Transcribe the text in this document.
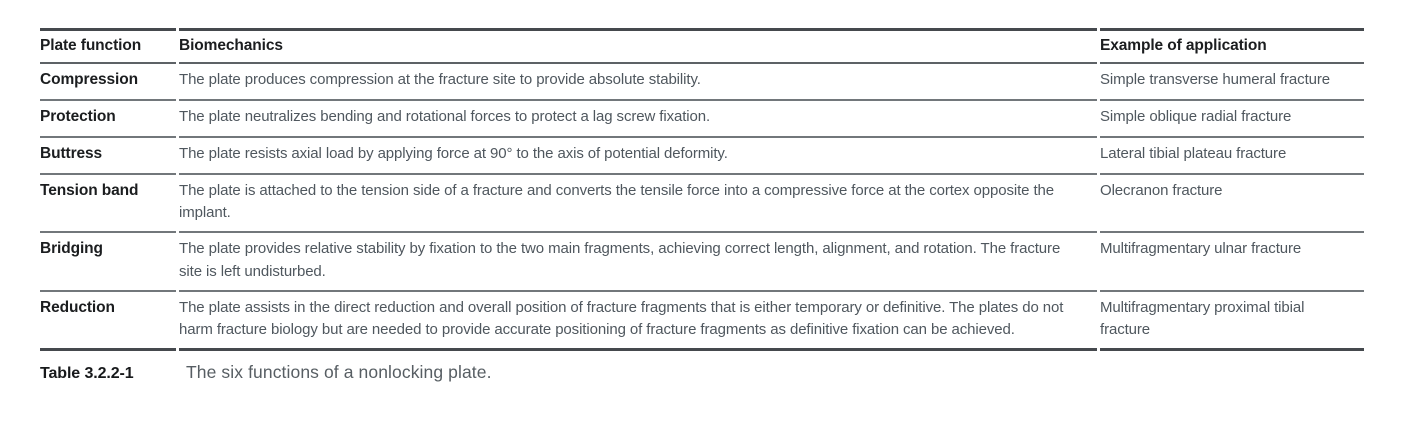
Plate function	Biomechanics	Example of application
Compression	The plate produces compression at the fracture site to provide absolute stability.	Simple transverse humeral fracture
Protection	The plate neutralizes bending and rotational forces to protect a lag screw fixation.	Simple oblique radial fracture
Buttress	The plate resists axial load by applying force at 90° to the axis of potential deformity.	Lateral tibial plateau fracture
Tension band	The plate is attached to the tension side of a fracture and converts the tensile force into a compressive force at the cortex opposite the implant.	Olecranon fracture
Bridging	The plate provides relative stability by fixation to the two main fragments, achieving correct length, alignment, and rotation. The fracture site is left undisturbed.	Multifragmentary ulnar fracture
Reduction	The plate assists in the direct reduction and overall position of fracture fragments that is either temporary or definitive. The plates do not harm fracture biology but are needed to provide accurate positioning of fracture fragments as definitive fixation can be achieved.	Multifragmentary proximal tibial fracture
Table 3.2.2-1	The six functions of a nonlocking plate.
